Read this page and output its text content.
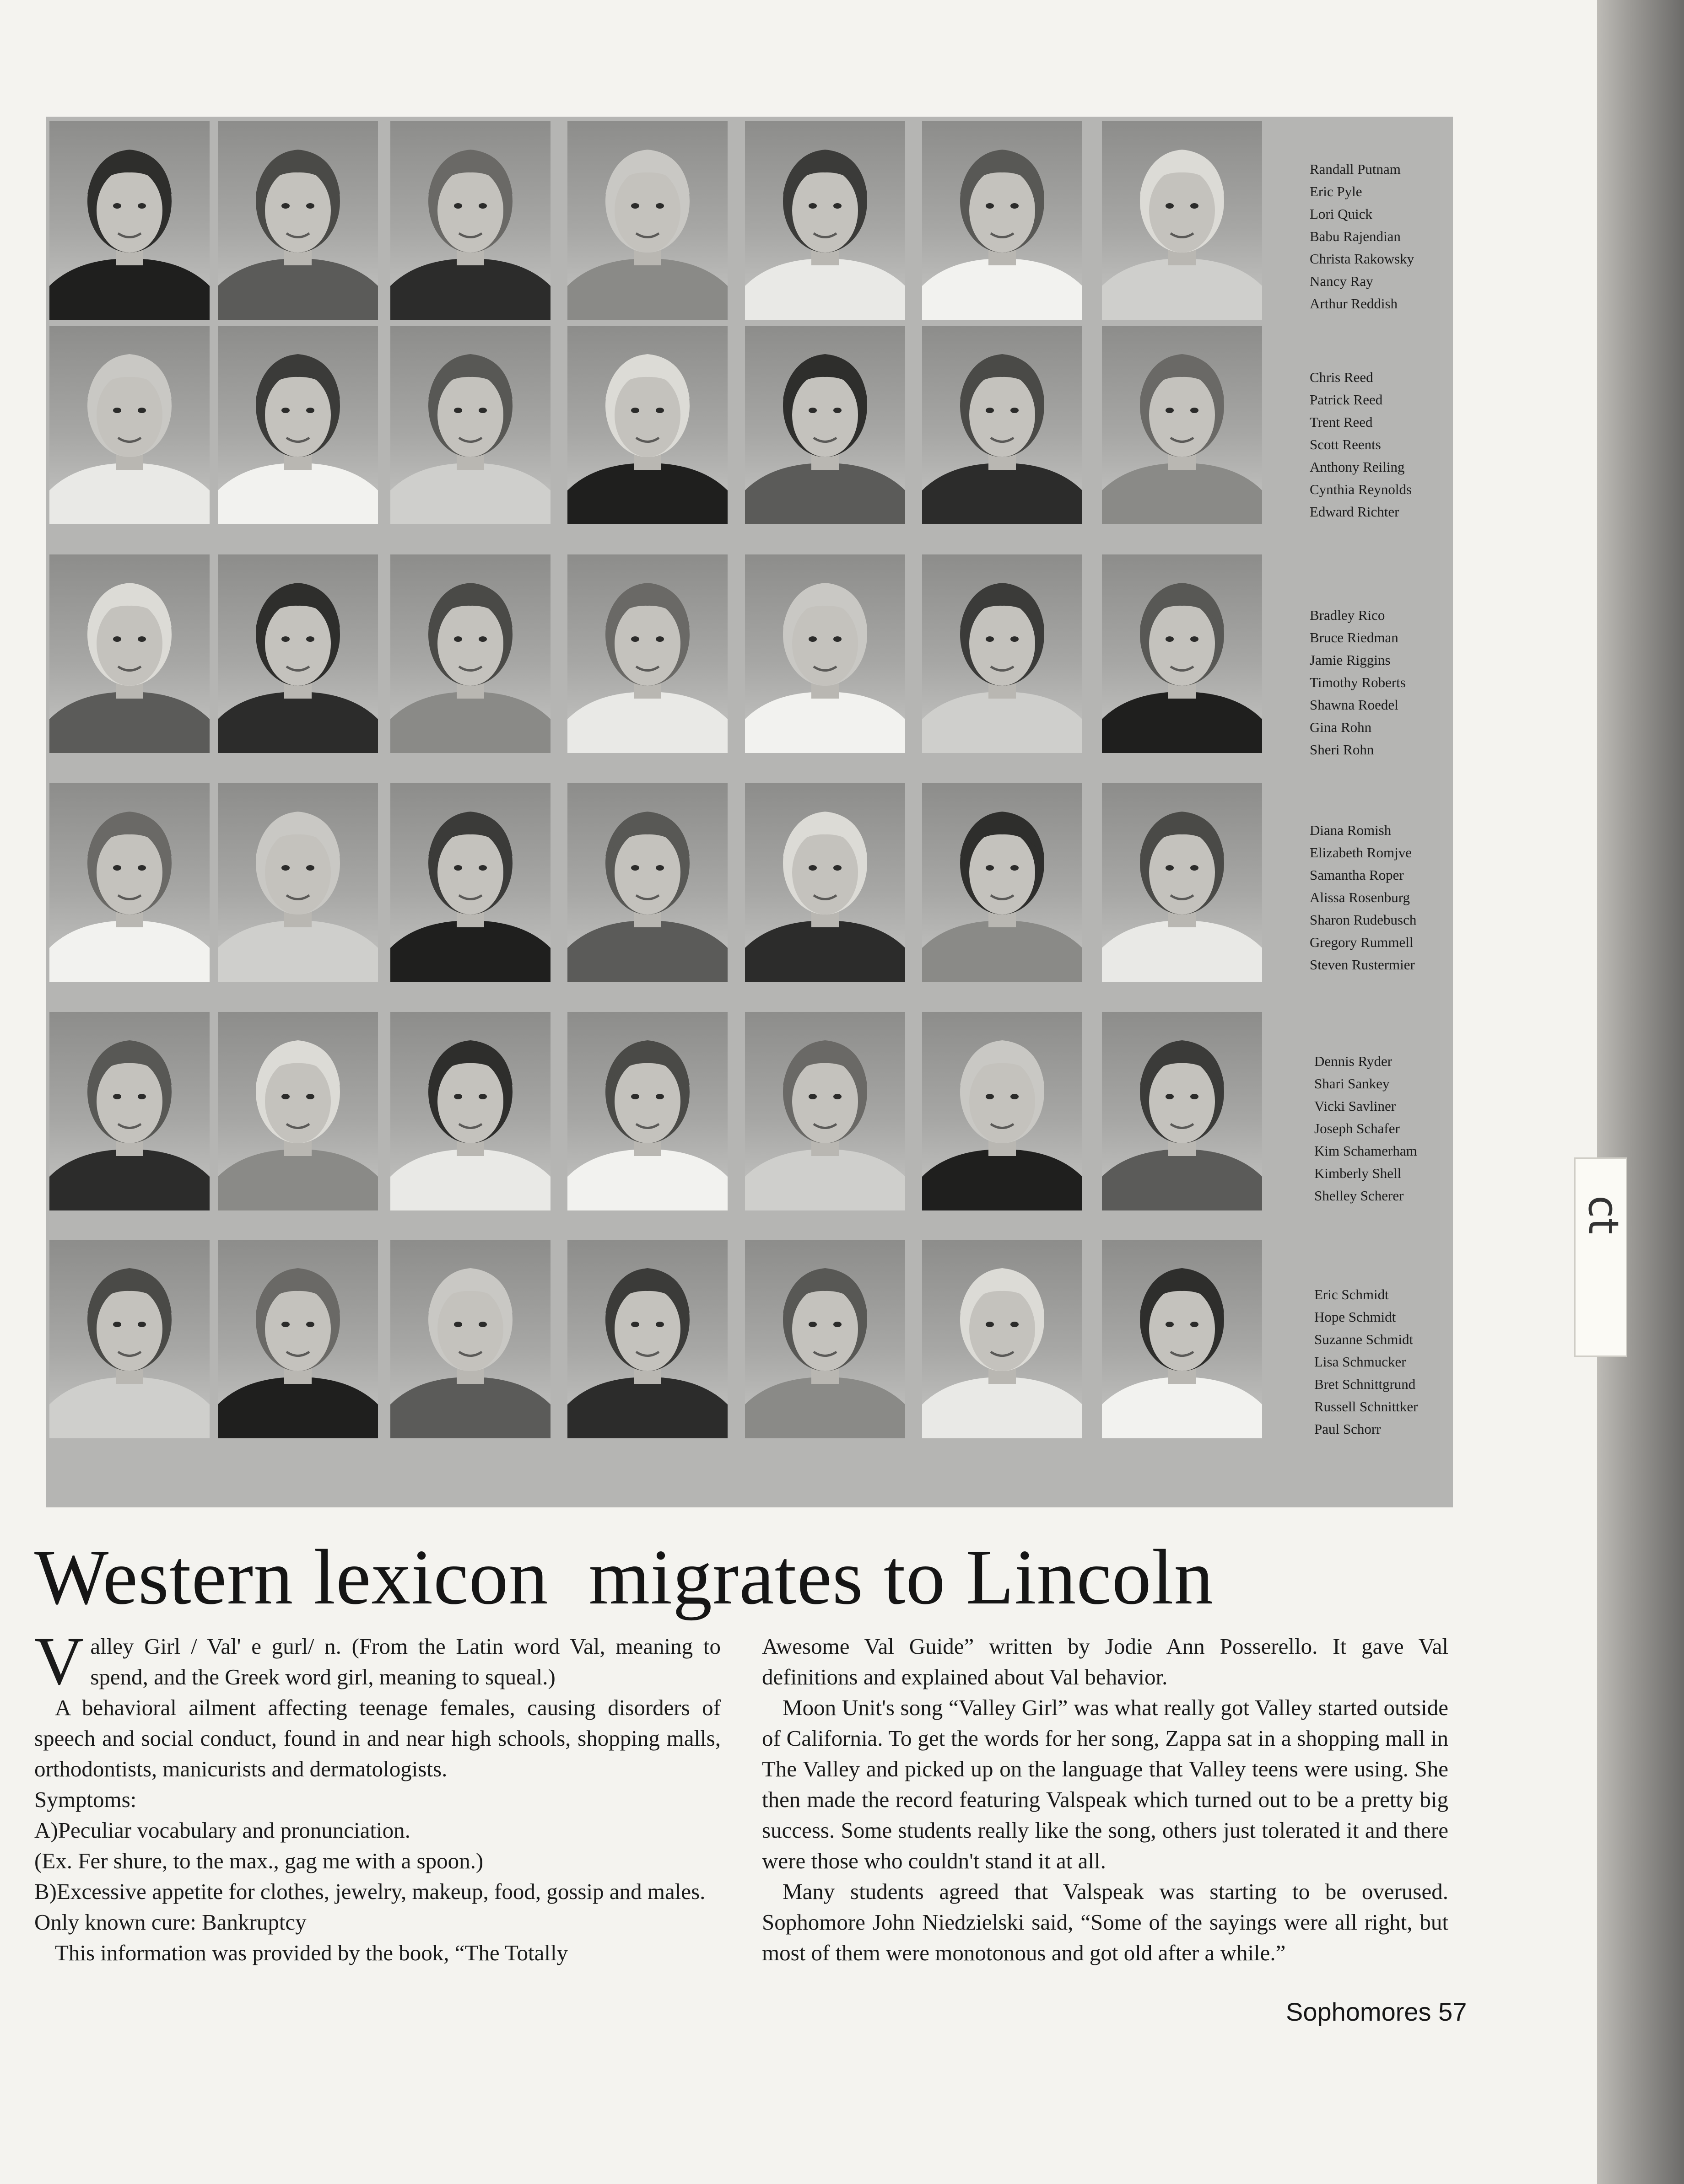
Randall Putnam
Eric Pyle
Lori Quick
Babu Rajendian
Christa Rakowsky
Nancy Ray
Arthur Reddish
Chris Reed
Patrick Reed
Trent Reed
Scott Reents
Anthony Reiling
Cynthia Reynolds
Edward Richter
Bradley Rico
Bruce Riedman
Jamie Riggins
Timothy Roberts
Shawna Roedel
Gina Rohn
Sheri Rohn
Diana Romish
Elizabeth Romjve
Samantha Roper
Alissa Rosenburg
Sharon Rudebusch
Gregory Rummell
Steven Rustermier
Dennis Ryder
Shari Sankey
Vicki Savliner
Joseph Schafer
Kim Schamerham
Kimberly Shell
Shelley Scherer
Eric Schmidt
Hope Schmidt
Suzanne Schmidt
Lisa Schmucker
Bret Schnittgrund
Russell Schnittker
Paul Schorr
Western lexicon  migrates to Lincoln

Valley Girl / Val' e gurl/ n. (From the Latin word Val, meaning to spend, and the Greek word girl, meaning to squeal.)

A behavioral ailment affecting teenage females, causing disorders of speech and social conduct, found in and near high schools, shopping malls, orthodontists, manicurists and dermatologists.

Symptoms:

A)Peculiar vocabulary and pronunciation.

(Ex. Fer shure, to the max., gag me with a spoon.)

B)Excessive appetite for clothes, jewelry, makeup, food, gossip and males.

Only known cure: Bankruptcy

This information was provided by the book, “The Totally

Awesome Val Guide” written by Jodie Ann Posserello. It gave Val definitions and explained about Val behavior.

Moon Unit's song “Valley Girl” was what really got Valley started outside of California. To get the words for her song, Zappa sat in a shopping mall in The Valley and picked up on the language that Valley teens were using. She then made the record featuring Valspeak which turned out to be a pretty big success. Some students really like the song, others just tolerated it and there were those who couldn't stand it at all.

Many students agreed that Valspeak was starting to be overused. Sophomore John Niedzielski said, “Some of the sayings were all right, but most of them were monotonous and got old after a while.”

Sophomores 57
ct
